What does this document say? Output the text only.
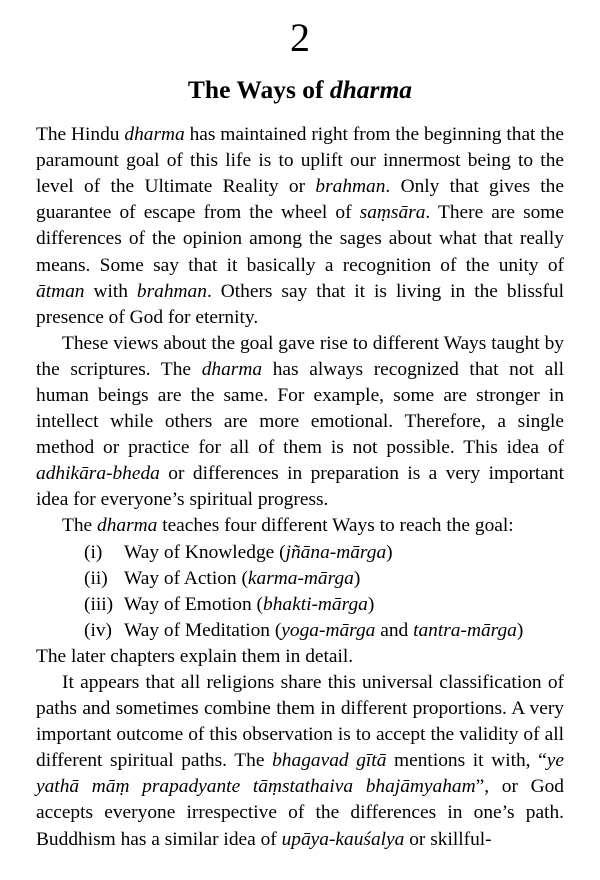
2
The Ways of dharma

The Hindu dharma has maintained right from the beginning that the paramount goal of this life is to uplift our innermost being to the level of the Ultimate Reality or brahman. Only that gives the guarantee of escape from the wheel of saṃsāra. There are some differences of the opinion among the sages about what that really means. Some say that it basically a recognition of the unity of ātman with brahman. Others say that it is living in the blissful presence of God for eternity.

These views about the goal gave rise to different Ways taught by the scriptures. The dharma has always recognized that not all human beings are the same. For example, some are stronger in intellect while others are more emotional. Therefore, a single method or practice for all of them is not possible. This idea of adhikāra-bheda or differences in preparation is a very important idea for everyone’s spiritual progress.

The dharma teaches four different Ways to reach the goal:

(i)	Way of Knowledge (jñāna-mārga)
(ii) Way of Action (karma-mārga)
(iii) Way of Emotion (bhakti-mārga)
(iv) Way of Meditation (yoga-mārga and tantra-mārga)

The later chapters explain them in detail.

It appears that all religions share this universal classification of paths and sometimes combine them in different proportions. A very important outcome of this observation is to accept the validity of all different spiritual paths. The bhagavad gītā mentions it with, “ye yathā māṃ prapadyante tāṃstathaiva bhajāmyaham”, or God accepts everyone irrespective of the differences in one’s path. Buddhism has a similar idea of upāya-kauśalya or skillful-
